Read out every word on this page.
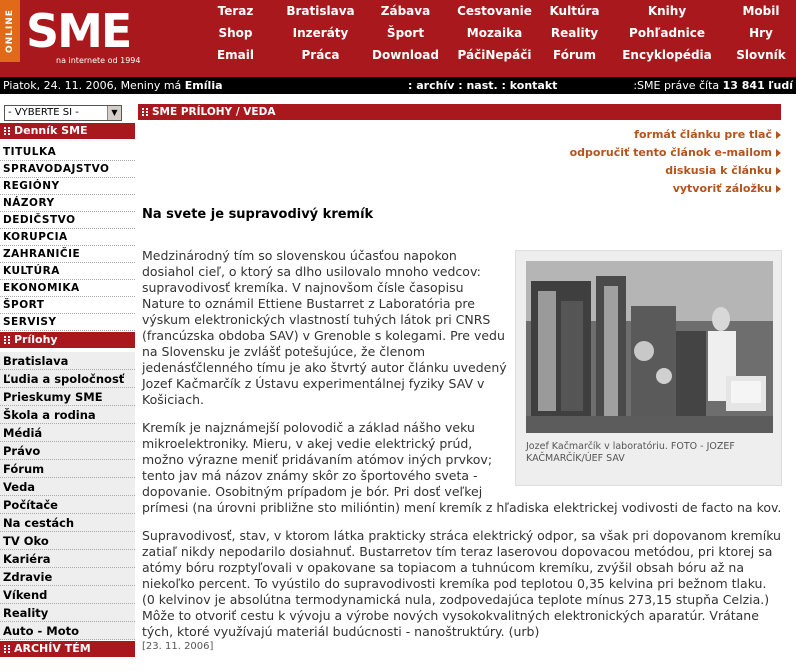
ONLINE SME
na internete od 1994
Teraz	Bratislava	Zábava	Cestovanie	Kultúra	Knihy	Mobil
Shop	Inzeráty	Šport	Mozaika	Reality	Pohľadnice	Hry
Email	Práca	Download	PáčiNepáči	Fórum	Encyklopédia	Slovník
Piatok, 24. 11. 2006, Meniny má Emília	: archív : nast. : kontakt	:SME práve číta 13 841 ľudí
- VYBERTE SI -	▼
Denník SME
TITULKA
SPRAVODAJSTVO
REGIÓNY
NÁZORY
DEDIČSTVO
KORUPCIA
ZAHRANIČIE
KULTÚRA
EKONOMIKA
ŠPORT
SERVISY
Prílohy
Bratislava
Ľudia a spoločnosť
Prieskumy SME
Škola a rodina
Médiá
Právo
Fórum
Veda
Počítače
Na cestách
TV Oko
Kariéra
Zdravie
Víkend
Reality
Auto - Moto
ARCHÍV TÉM
SME PRÍLOHY / VEDA
formát článku pre tlač
odporučiť tento článok e-mailom
diskusia k článku
vytvoriť záložku
Na svete je supravodivý kremík
Jozef Kačmarčík v laboratóriu. FOTO - JOZEF KAČMARČÍK/ÚEF SAV

Medzinárodný tím so slovenskou účasťou napokon dosiahol cieľ, o ktorý sa dlho usilovalo mnoho vedcov: supravodivosť kremíka. V najnovšom čísle časopisu Nature to oznámil Ettiene Bustarret z Laboratória pre výskum elektronických vlastností tuhých látok pri CNRS (francúzska obdoba SAV) v Grenoble s kolegami. Pre vedu na Slovensku je zvlášť potešujúce, že členom jedenásťčlenného tímu je ako štvrtý autor článku uvedený Jozef Kačmarčík z Ústavu experimentálnej fyziky SAV v Košiciach.

Kremík je najznámejší polovodič a základ nášho veku mikroelektroniky. Mieru, v akej vedie elektrický prúd, možno výrazne meniť pridávaním atómov iných prvkov; tento jav má názov známy skôr zo športového sveta - dopovanie. Osobitným prípadom je bór. Pri dosť veľkej prímesi (na úrovni približne sto miliόntin) mení kremík z hľadiska elektrickej vodivosti de facto na kov.

Supravodivosť, stav, v ktorom látka prakticky stráca elektrický odpor, sa však pri dopovanom kremíku zatiaľ nikdy nepodarilo dosiahnuť. Bustarretov tím teraz laserovou dopovacou metódou, pri ktorej sa atómy bóru rozptyľovali v opakovane sa topiacom a tuhnúcom kremíku, zvýšil obsah bóru až na niekoľko percent. To vyústilo do supravodivosti kremíka pod teplotou 0,35 kelvina pri bežnom tlaku. (0 kelvinov je absolútna termodynamická nula, zodpovedajúca teplote mínus 273,15 stupňa Celzia.) Môže to otvoriť cestu k vývoju a výrobe nových vysokokvalitných elektronických aparatúr. Vrátane tých, ktoré využívajú materiál budúcnosti - nanoštruktúry. (urb)

[23. 11. 2006]
